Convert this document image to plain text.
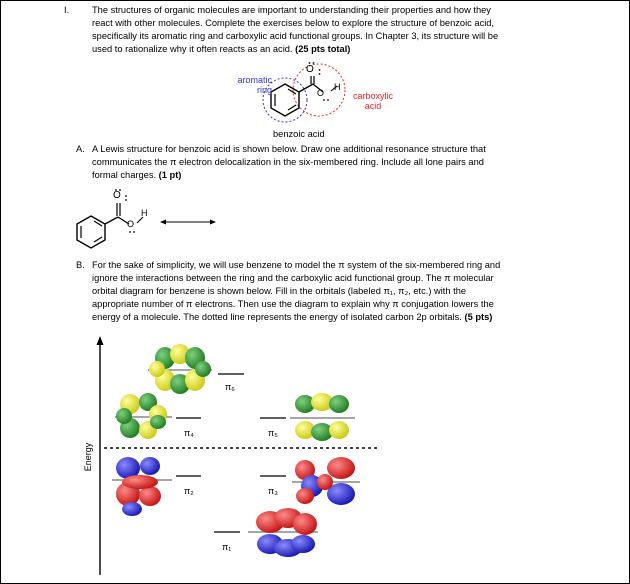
I. The structures of organic molecules are important to understanding their properties and how they
react with other molecules. Complete the exercises below to explore the structure of benzoic acid,
specifically its aromatic ring and carboxylic acid functional groups. In Chapter 3, its structure will be
used to rationalize why it often reacts as an acid. (25 pts total)
aromatic
ring
carboxylic
acid
O
O
H
benzoic acid
A. A Lewis structure for benzoic acid is shown below. Draw one additional resonance structure that
communicates the π electron delocalization in the six-membered ring. Include all lone pairs and
formal charges. (1 pt)
O
O
H
B. For the sake of simplicity, we will use benzene to model the π system of the six-membered ring and
ignore the interactions between the ring and the carboxylic acid functional group. The π molecular
orbital diagram for benzene is shown below. Fill in the orbitals (labeled π₁, π₂, etc.) with the
appropriate number of π electrons. Then use the diagram to explain why π conjugation lowers the
energy of a molecule. The dotted line represents the energy of isolated carbon 2p orbitals. (5 pts)
Energy
π₆
π₄	π₅
π₂	π₃
π₁
